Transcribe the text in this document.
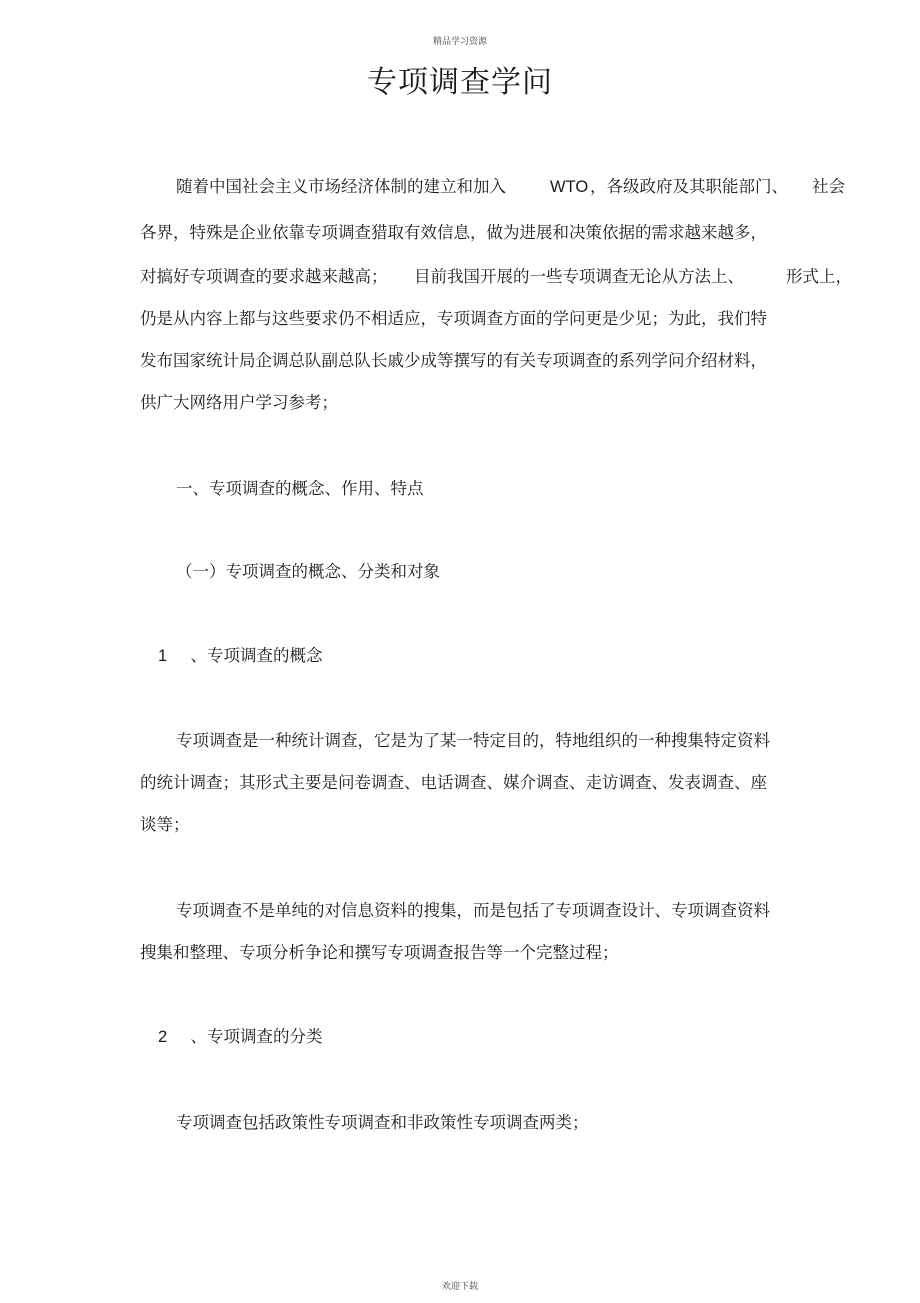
精品学习资源
专项调查学问
随着中国社会主义市场经济体制的建立和加入	WTO ，各级政府及其职能部门、 社会
各界，特殊是企业依靠专项调查猎取有效信息，做为进展和决策依据的需求越来越多，
对搞好专项调查的要求越来越高； 目前我国开展的一些专项调查无论从方法上、	形式上，
仍是从内容上都与这些要求仍不相适应，专项调查方面的学问更是少见；为此，我们特
发布国家统计局企调总队副总队长戚少成等撰写的有关专项调查的系列学问介绍材料，
供广大网络用户学习参考；
一、专项调查的概念、作用、特点
（一）专项调查的概念、分类和对象
1 、专项调查的概念
专项调查是一种统计调查，它是为了某一特定目的，特地组织的一种搜集特定资料
的统计调查；其形式主要是问卷调查、电话调查、媒介调查、走访调查、发表调查、座
谈等；
专项调查不是单纯的对信息资料的搜集，而是包括了专项调查设计、专项调查资料
搜集和整理、专项分析争论和撰写专项调查报告等一个完整过程；
2 、专项调查的分类
专项调查包括政策性专项调查和非政策性专项调查两类；
欢迎下载
